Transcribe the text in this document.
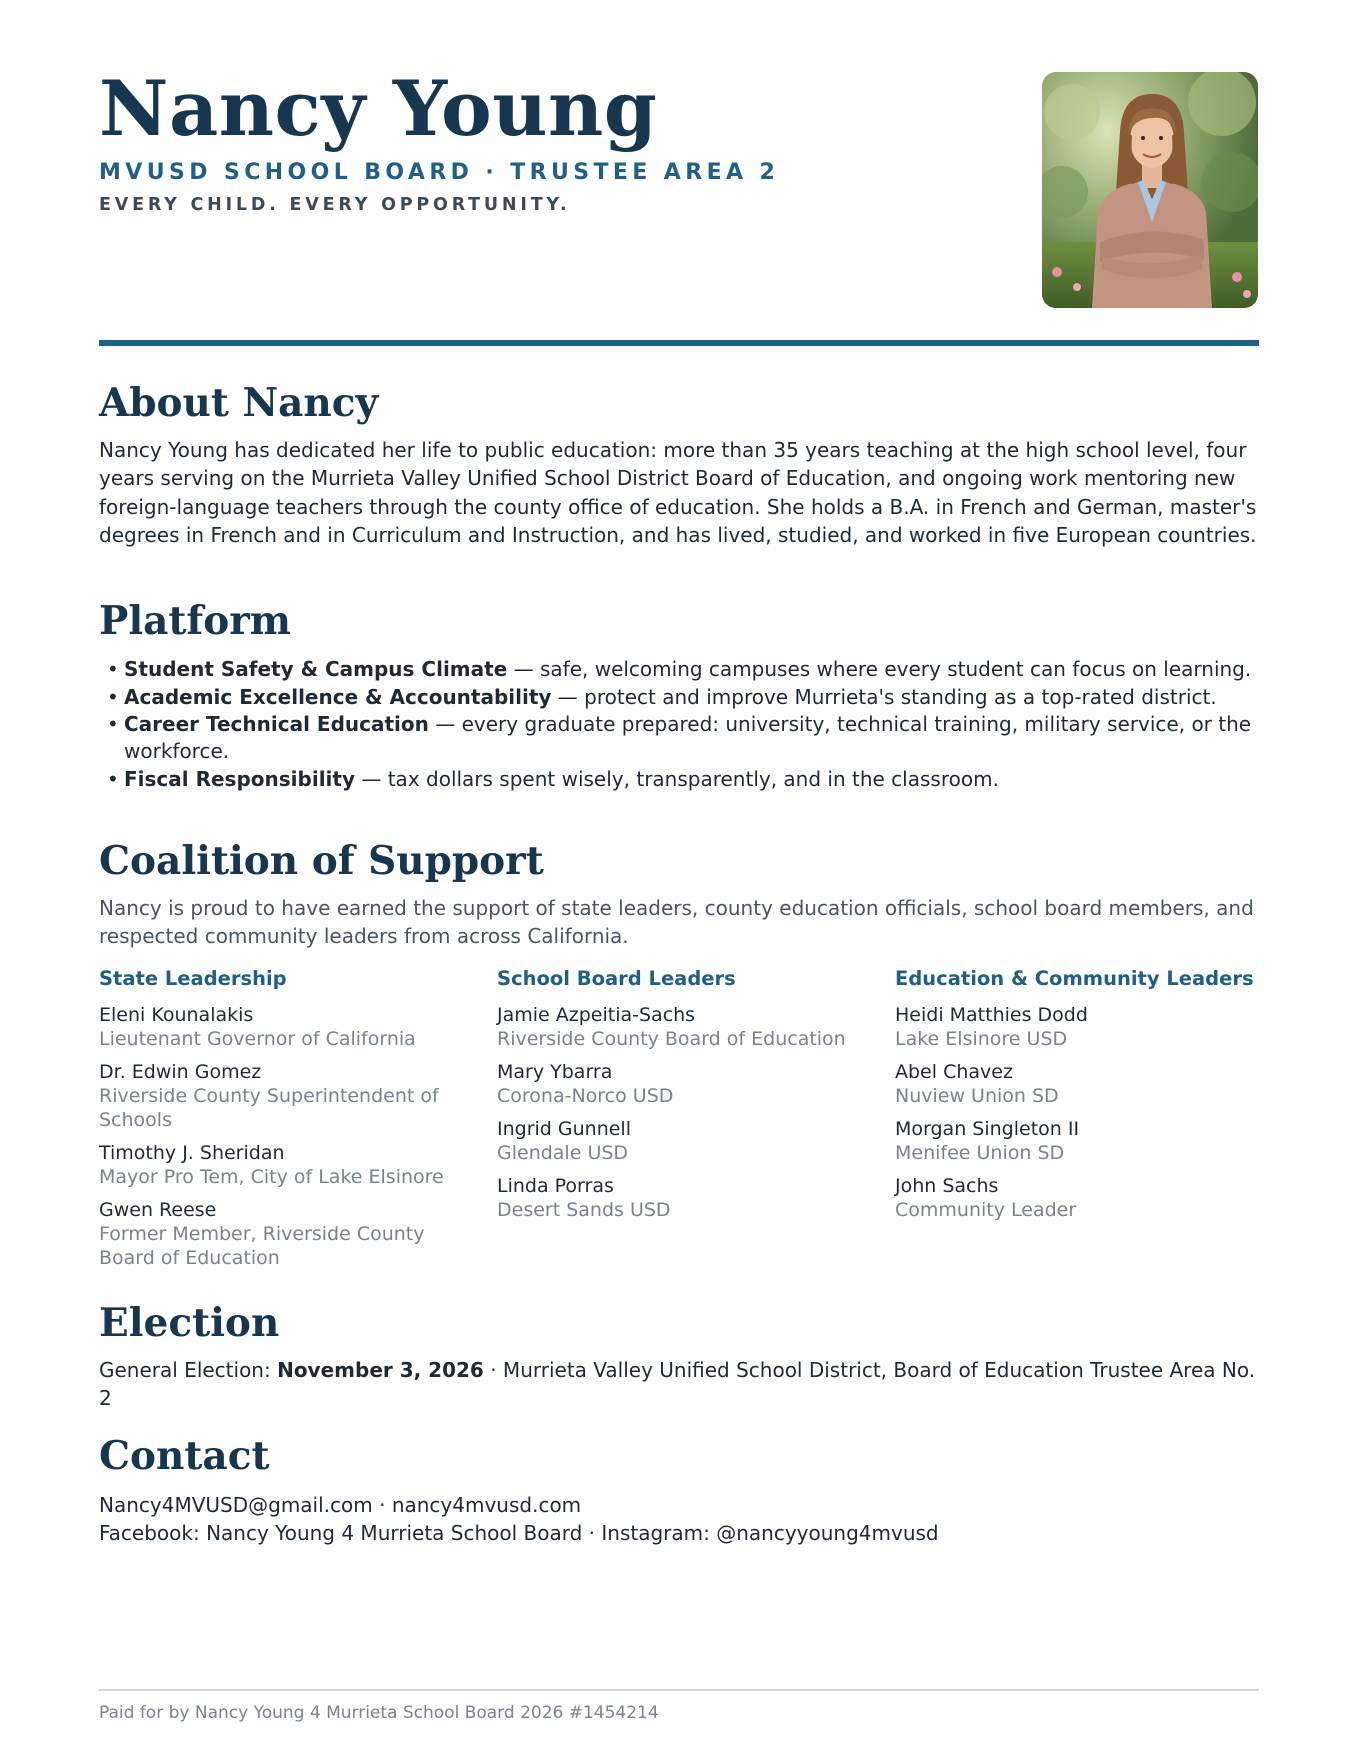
Nancy Young
MVUSD SCHOOL BOARD · TRUSTEE AREA 2
EVERY CHILD. EVERY OPPORTUNITY.
About Nancy

Nancy Young has dedicated her life to public education: more than 35 years teaching at the high school level, four years serving on the Murrieta Valley Unified School District Board of Education, and ongoing work mentoring new foreign-language teachers through the county office of education. She holds a B.A. in French and German, master's degrees in French and in Curriculum and Instruction, and has lived, studied, and worked in five European countries.

Platform
• Student Safety & Campus Climate — safe, welcoming campuses where every student can focus on learning.
• Academic Excellence & Accountability — protect and improve Murrieta's standing as a top-rated district.
• Career Technical Education — every graduate prepared: university, technical training, military service, or the workforce.
• Fiscal Responsibility — tax dollars spent wisely, transparently, and in the classroom.
Coalition of Support

Nancy is proud to have earned the support of state leaders, county education officials, school board members, and respected community leaders from across California.

State Leadership
Eleni Kounalakis
Lieutenant Governor of California
Dr. Edwin Gomez
Riverside County Superintendent of Schools
Timothy J. Sheridan
Mayor Pro Tem, City of Lake Elsinore
Gwen Reese
Former Member, Riverside County Board of Education
School Board Leaders
Jamie Azpeitia-Sachs
Riverside County Board of Education
Mary Ybarra
Corona-Norco USD
Ingrid Gunnell
Glendale USD
Linda Porras
Desert Sands USD
Education & Community Leaders
Heidi Matthies Dodd
Lake Elsinore USD
Abel Chavez
Nuview Union SD
Morgan Singleton II
Menifee Union SD
John Sachs
Community Leader
Election

General Election: November 3, 2026 · Murrieta Valley Unified School District, Board of Education Trustee Area No. 2

Contact

Nancy4MVUSD@gmail.com · nancy4mvusd.com
Facebook: Nancy Young 4 Murrieta School Board · Instagram: @nancyyoung4mvusd

Paid for by Nancy Young 4 Murrieta School Board 2026 #1454214
